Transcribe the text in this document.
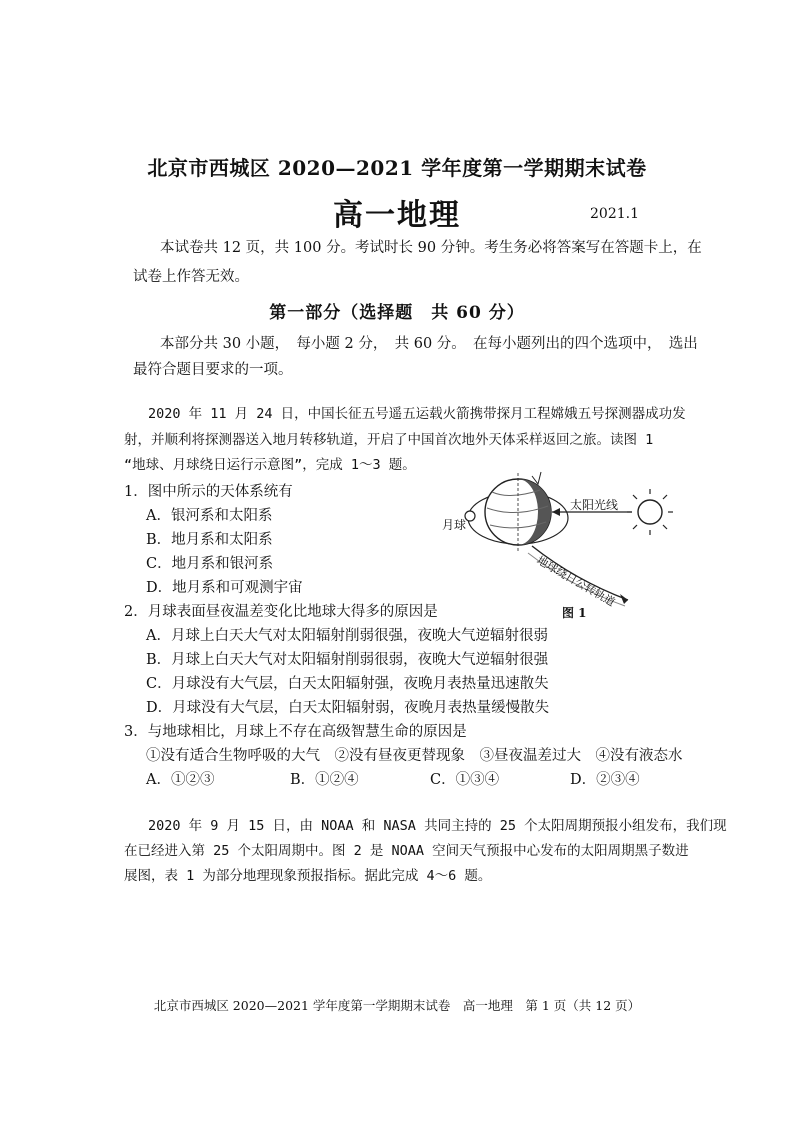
北京市西城区 2020—2021 学年度第一学期期末试卷
高一地理	2021.1
本试卷共 12 页，共 100 分。考试时长 90 分钟。考生务必将答案写在答题卡上，在
试卷上作答无效。
第一部分（选择题　共 60 分）
本部分共 30 小题，　每小题 2 分，　共 60 分。　在每小题列出的四个选项中，　选出
最符合题目要求的一项。
2020 年 11 月 24 日，中国长征五号遥五运载火箭携带探月工程嫦娥五号探测器成功发
射，并顺利将探测器送入地月转移轨道，开启了中国首次地外天体采样返回之旅。读图 1
“地球、月球绕日运行示意图”，完成 1～3 题。
1．图中所示的天体系统有
A．银河系和太阳系
B．地月系和太阳系
C．地月系和银河系
D．地月系和可观测宇宙
月球
太阳光线
地球绕日公转轨道
图 1
2．月球表面昼夜温差变化比地球大得多的原因是
A．月球上白天大气对太阳辐射削弱很强，夜晚大气逆辐射很弱
B．月球上白天大气对太阳辐射削弱很弱，夜晚大气逆辐射很强
C．月球没有大气层，白天太阳辐射强，夜晚月表热量迅速散失
D．月球没有大气层，白天太阳辐射弱，夜晚月表热量缓慢散失
3．与地球相比，月球上不存在高级智慧生命的原因是
①没有适合生物呼吸的大气　②没有昼夜更替现象　③昼夜温差过大　④没有液态水
A．①②③	B．①②④	C．①③④	D．②③④
2020 年 9 月 15 日，由 NOAA 和 NASA 共同主持的 25 个太阳周期预报小组发布，我们现
在已经进入第 25 个太阳周期中。图 2 是 NOAA 空间天气预报中心发布的太阳周期黑子数进
展图，表 1 为部分地理现象预报指标。据此完成 4～6 题。
北京市西城区 2020—2021 学年度第一学期期末试卷　高一地理　第 1 页（共 12 页）
